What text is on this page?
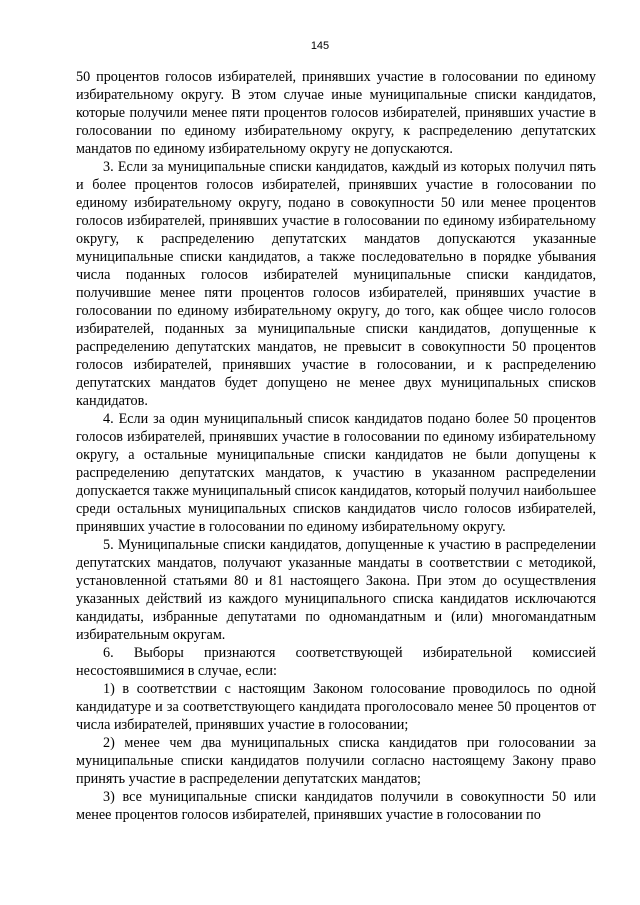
145

50 процентов голосов избирателей, принявших участие в голосовании по единому избирательному округу. В этом случае иные муниципальные списки кандидатов, которые получили менее пяти процентов голосов избирателей, принявших участие в голосовании по единому избирательному округу, к распределению депутатских мандатов по единому избирательному округу не допускаются.

3. Если за муниципальные списки кандидатов, каждый из которых получил пять и более процентов голосов избирателей, принявших участие в голосовании по единому избирательному округу, подано в совокупности 50 или менее процентов голосов избирателей, принявших участие в голосовании по единому избирательному округу, к распределению депутатских мандатов допускаются указанные муниципальные списки кандидатов, а также последовательно в порядке убывания числа поданных голосов избирателей муниципальные списки кандидатов, получившие менее пяти процентов голосов избирателей, принявших участие в голосовании по единому избирательному округу, до того, как общее число голосов избирателей, поданных за муниципальные списки кандидатов, допущенные к распределению депутатских мандатов, не превысит в совокупности 50 процентов голосов избирателей, принявших участие в голосовании, и к распределению депутатских мандатов будет допущено не менее двух муниципальных списков кандидатов.

4. Если за один муниципальный список кандидатов подано более 50 процентов голосов избирателей, принявших участие в голосовании по единому избирательному округу, а остальные муниципальные списки кандидатов не были допущены к распределению депутатских мандатов, к участию в указанном распределении допускается также муниципальный список кандидатов, который получил наибольшее среди остальных муниципальных списков кандидатов число голосов избирателей, принявших участие в голосовании по единому избирательному округу.

5. Муниципальные списки кандидатов, допущенные к участию в распределении депутатских мандатов, получают указанные мандаты в соответствии с методикой, установленной статьями 80 и 81 настоящего Закона. При этом до осуществления указанных действий из каждого муниципального списка кандидатов исключаются кандидаты, избранные депутатами по одномандатным и (или) многомандатным избирательным округам.

6. Выборы признаются соответствующей избирательной комиссией несостоявшимися в случае, если:

1) в соответствии с настоящим Законом голосование проводилось по одной кандидатуре и за соответствующего кандидата проголосовало менее 50 процентов от числа избирателей, принявших участие в голосовании;

2) менее чем два муниципальных списка кандидатов при голосовании за муниципальные списки кандидатов получили согласно настоящему Закону право принять участие в распределении депутатских мандатов;

3) все муниципальные списки кандидатов получили в совокупности 50 или менее процентов голосов избирателей, принявших участие в голосовании по
